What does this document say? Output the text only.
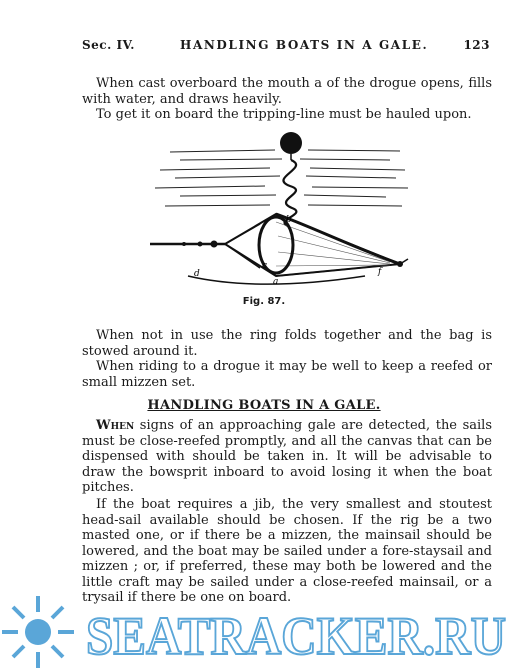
Sec. IV.	HANDLING BOATS IN A GALE.	123

When cast overboard the mouth a of the drogue opens, fills with water, and draws heavily.

To get it on board the tripping-line must be hauled upon.

b
c
a
d	f
Fig. 87.

When not in use the ring folds together and the bag is stowed around it.

When riding to a drogue it may be well to keep a reefed or small mizzen set.

HANDLING BOATS IN A GALE.

When signs of an approaching gale are detected, the sails must be close-reefed promptly, and all the canvas that can be dispensed with should be taken in. It will be advisable to draw the bowsprit inboard to avoid losing it when the boat pitches.

If the boat requires a jib, the very smallest and stoutest head-sail available should be chosen. If the rig be a two masted one, or if there be a mizzen, the mainsail should be lowered, and the boat may be sailed under a fore-staysail and mizzen ; or, if preferred, these may both be lowered and the little craft may be sailed under a close-reefed mainsail, or a trysail if there be one on board.

SEATRACKER.RU
